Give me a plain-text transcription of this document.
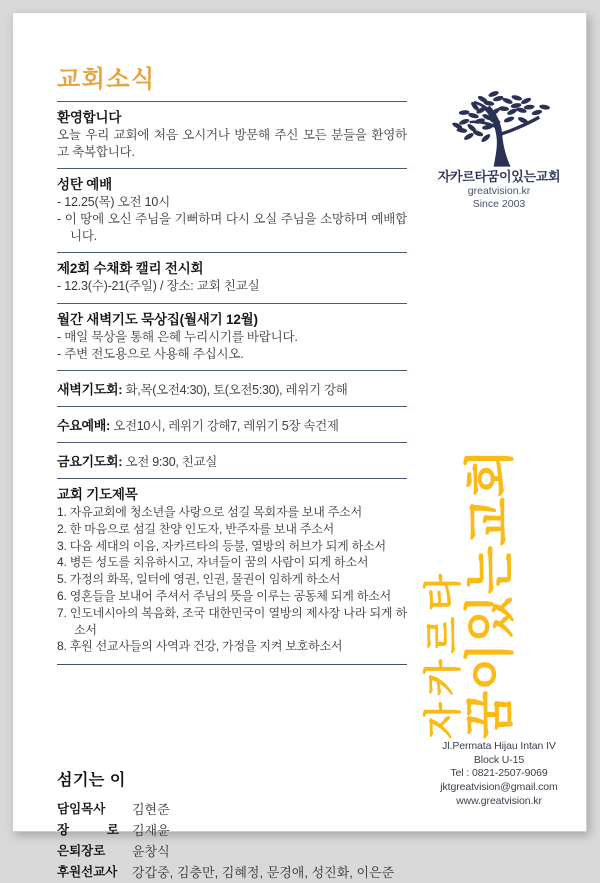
교회소식
환영합니다

오늘 우리 교회에 처음 오시거나 방문해 주신 모든 분들을 환영하고 축복합니다.

성탄 예배
- 12.25(목) 오전 10시
- 이 땅에 오신 주님을 기뻐하며 다시 오실 주님을 소망하며 예배합니다.
제2회 수채화 캘리 전시회
- 12.3(수)-21(주일) / 장소: 교회 친교실
월간 새벽기도 묵상집(월새기 12월)
- 매일 묵상을 통해 은혜 누리시기를 바랍니다.
- 주변 전도용으로 사용해 주십시오.
새벽기도회: 화,목(오전4:30), 토(오전5:30), 레위기 강해
수요예배: 오전10시, 레위기 강해7, 레위기 5장 속건제
금요기도회: 오전 9:30, 친교실
교회 기도제목
1. 자유교회에 청소년을 사랑으로 섬길 목회자를 보내 주소서
2. 한 마음으로 섬길 찬양 인도자, 반주자를 보내 주소서
3. 다음 세대의 이음, 자카르타의 등불, 열방의 허브가 되게 하소서
4. 병든 성도를 치유하시고, 자녀들이 꿈의 사람이 되게 하소서
5. 가정의 화목, 일터에 영권, 인권, 물권이 임하게 하소서
6. 영혼들을 보내어 주셔서 주님의 뜻을 이루는 공동체 되게 하소서
7. 인도네시아의 복음화, 조국 대한민국이 열방의 제사장 나라 되게 하소서
8. 후원 선교사들의 사역과 건강, 가정을 지켜 보호하소서
섬기는 이
담임목사 김현준
장 로 김재윤
은퇴장로 윤창식
후원선교사 강갑중, 김충만, 김혜정, 문경애, 성진화, 이은준
자카르타꿈이있는교회
greatvision.kr
Since 2003
자카르타
꿈이있는교회
Jl.Permata Hijau Intan IV
Block U-15
Tel : 0821-2507-9069
jktgreatvision@gmail.com
www.greatvision.kr
